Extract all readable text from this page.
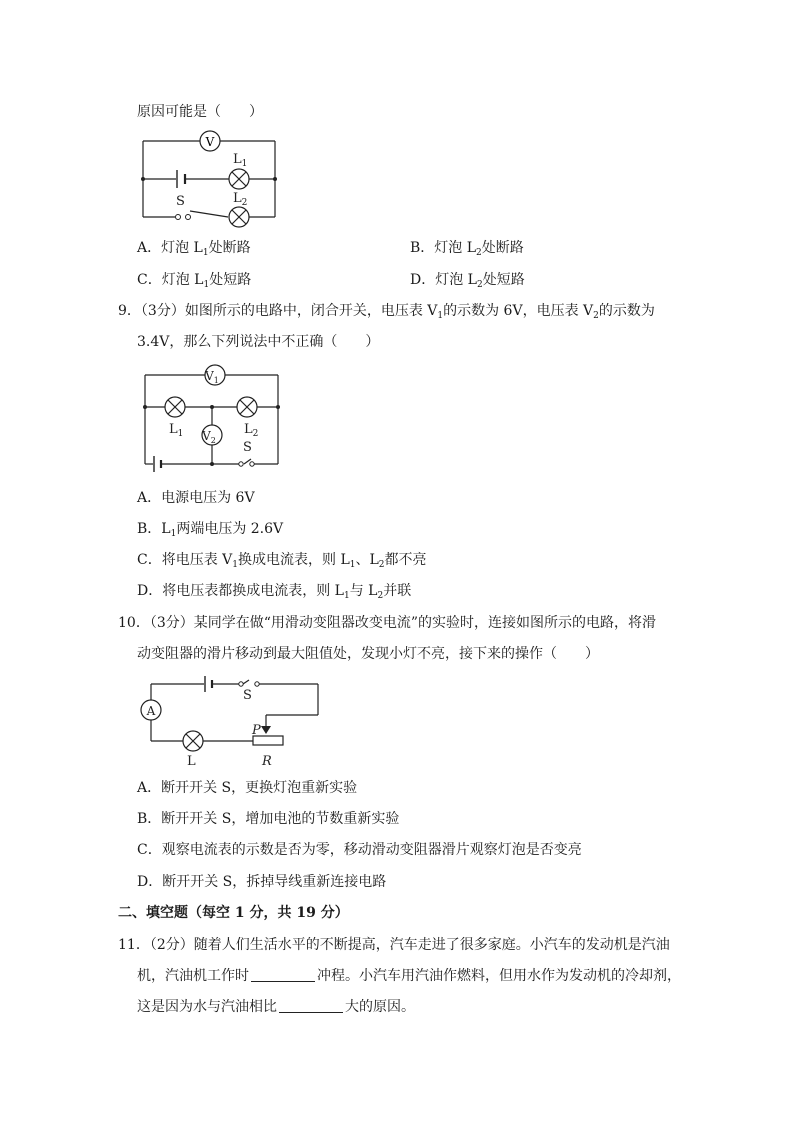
原因可能是（　　）
V
$L_1$
$L_2$
S
A．灯泡 $L_1$处断路	B．灯泡 $L_2$处断路
C．灯泡 $L_1$处短路	D．灯泡 $L_2$处短路
9．（3分）如图所示的电路中，闭合开关，电压表 $V_1$的示数为 6V，电压表 $V_2$的示数为
3.4V，那么下列说法中不正确（　　）
$V_1$
$L_1$	$L_2$
$V_2$ S
A．电源电压为 6V
B．$L_1$两端电压为 2.6V
C．将电压表 $V_1$换成电流表，则 $L_1$、$L_2$都不亮
D．将电压表都换成电流表，则 $L_1$与 $L_2$并联
10．（3分）某同学在做“用滑动变阻器改变电流”的实验时，连接如图所示的电路，将滑
动变阻器的滑片移动到最大阻值处，发现小灯不亮，接下来的操作（　　）
S
A
L
P
R
A．断开开关 S，更换灯泡重新实验
B．断开开关 S，增加电池的节数重新实验
C．观察电流表的示数是否为零，移动滑动变阻器滑片观察灯泡是否变亮
D．断开开关 S，拆掉导线重新连接电路
二、填空题（每空 1 分，共 19 分）
11．（2分）随着人们生活水平的不断提高，汽车走进了很多家庭。小汽车的发动机是汽油
机，汽油机工作时	冲程。小汽车用汽油作燃料，但用水作为发动机的冷却剂，
这是因为水与汽油相比	大的原因。
